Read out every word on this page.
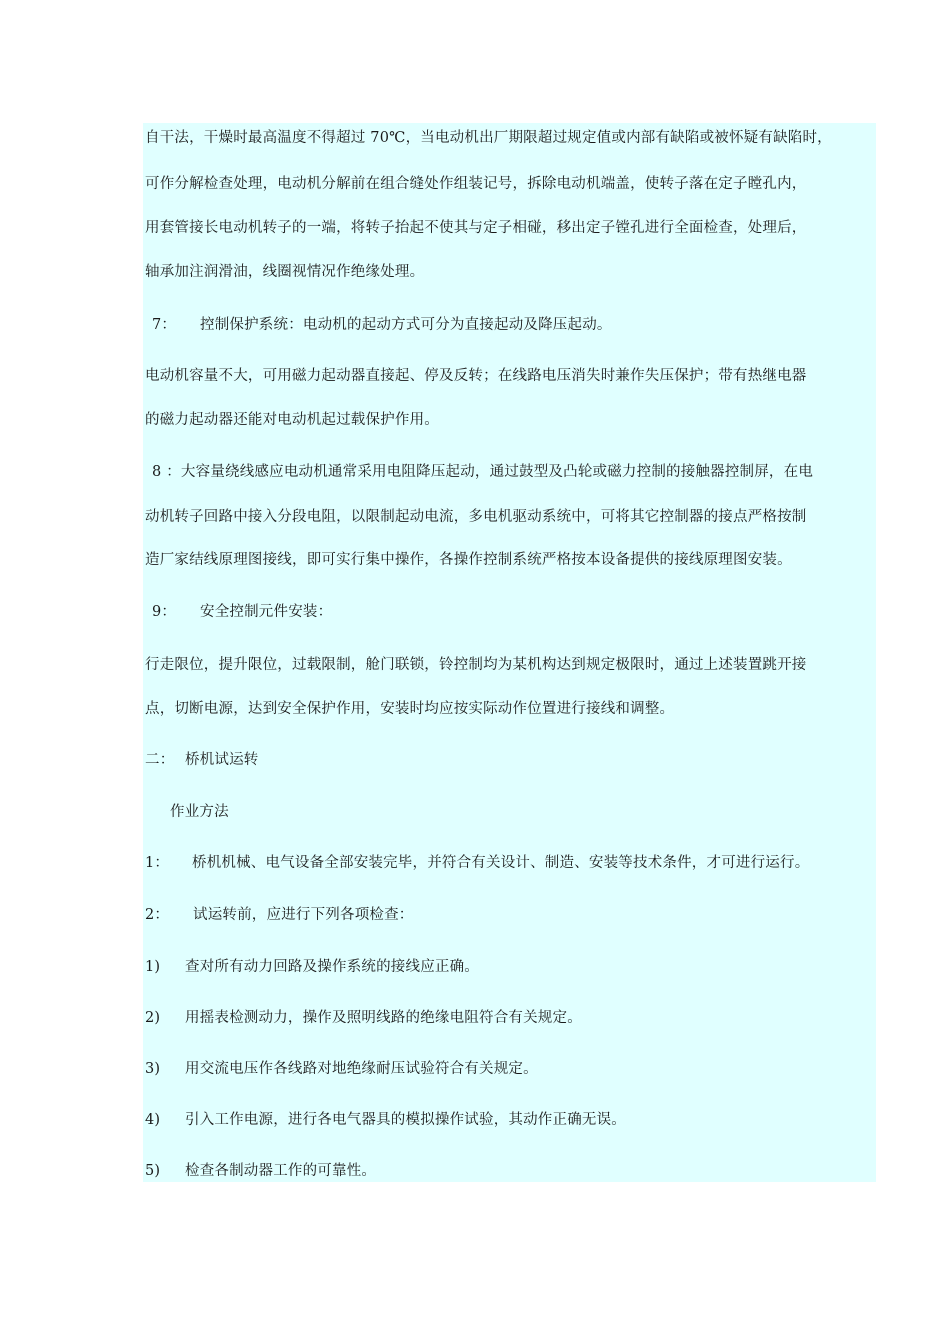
自干法，干燥时最高温度不得超过 70℃，当电动机出厂期限超过规定值或内部有缺陷或被怀疑有缺陷时，
可作分解检查处理，电动机分解前在组合缝处作组装记号，拆除电动机端盖，使转子落在定子瞠孔内，
用套管接长电动机转子的一端，将转子抬起不使其与定子相碰，移出定子镗孔进行全面检查，处理后，
轴承加注润滑油，线圈视情况作绝缘处理。
7： 控制保护系统：电动机的起动方式可分为直接起动及降压起动。
电动机容量不大，可用磁力起动器直接起、停及反转；在线路电压消失时兼作失压保护；带有热继电器
的磁力起动器还能对电动机起过载保护作用。
8 ：大容量绕线感应电动机通常采用电阻降压起动，通过鼓型及凸轮或磁力控制的接触器控制屏，在电
动机转子回路中接入分段电阻，以限制起动电流，多电机驱动系统中，可将其它控制器的接点严格按制
造厂家结线原理图接线，即可实行集中操作，各操作控制系统严格按本设备提供的接线原理图安装。
9： 安全控制元件安装：
行走限位，提升限位，过载限制，舱门联锁，铃控制均为某机构达到规定极限时，通过上述装置跳开接
点，切断电源，达到安全保护作用，安装时均应按实际动作位置进行接线和调整。
二： 桥机试运转
作业方法
1： 桥机机械、电气设备全部安装完毕，并符合有关设计、制造、安装等技术条件，才可进行运行。
2： 试运转前，应进行下列各项检查：
1) 查对所有动力回路及操作系统的接线应正确。
2) 用摇表检测动力，操作及照明线路的绝缘电阻符合有关规定。
3) 用交流电压作各线路对地绝缘耐压试验符合有关规定。
4) 引入工作电源，进行各电气器具的模拟操作试验，其动作正确无误。
5) 检查各制动器工作的可靠性。
